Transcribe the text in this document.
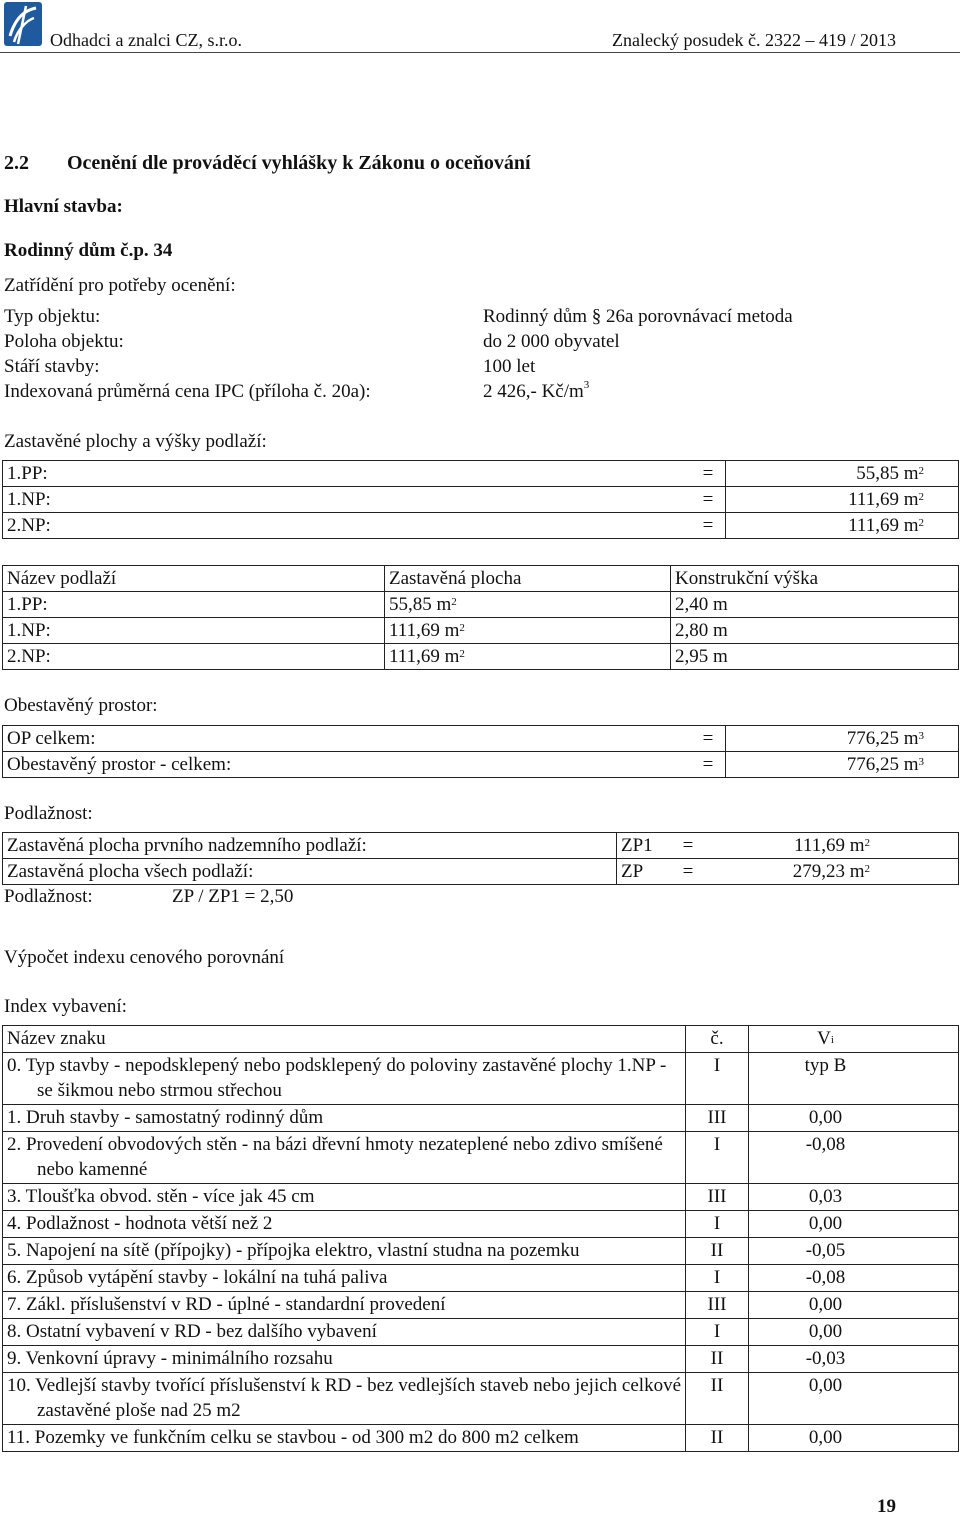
Odhadci a znalci CZ, s.r.o.	Znalecký posudek č. 2322 – 419 / 2013
2.2 Ocenění dle prováděcí vyhlášky k Zákonu o oceňování
Hlavní stavba:
Rodinný dům č.p. 34
Zatřídění pro potřeby ocenění:
Typ objektu:	Rodinný dům § 26a porovnávací metoda
Poloha objektu:	do 2 000 obyvatel
Stáří stavby:	100 let
Indexovaná průměrná cena IPC (příloha č. 20a):	2 426,- $Kč/m^3$
Zastavěné plochy a výšky podlaží:
1.PP:	=	55,85 $m^2$
1.NP:	=	111,69 $m^2$
2.NP:	=	111,69 $m^2$
Název podlaží	Zastavěná plocha	Konstrukční výška
1.PP:	55,85 $m^2$	2,40 m
1.NP:	111,69 $m^2$	2,80 m
2.NP:	111,69 $m^2$	2,95 m
Obestavěný prostor:
OP celkem:	=	776,25 $m^3$
Obestavěný prostor - celkem:	=	776,25 $m^3$
Podlažnost:
Zastavěná plocha prvního nadzemního podlaží:	ZP1	=	111,69 $m^2$
Zastavěná plocha všech podlaží:	ZP	=	279,23 $m^2$
Podlažnost:	ZP / ZP1 = 2,50
Výpočet indexu cenového porovnání
Index vybavení:
Název znaku	č.	$V_i$

0. Typ stavby - nepodsklepený nebo podsklepený do poloviny zastavěné plochy 1.NP - se šikmou nebo strmou střechou	I	typ B

1. Druh stavby - samostatný rodinný dům	III	0,00

2. Provedení obvodových stěn - na bázi dřevní hmoty nezateplené nebo zdivo smíšené nebo kamenné	I	-0,08

3. Tloušťka obvod. stěn - více jak 45 cm	III	0,03

4. Podlažnost - hodnota větší než 2	I	0,00

5. Napojení na sítě (přípojky) - přípojka elektro, vlastní studna na pozemku	II	-0,05

6. Způsob vytápění stavby - lokální na tuhá paliva	I	-0,08

7. Zákl. příslušenství v RD - úplné - standardní provedení	III	0,00

8. Ostatní vybavení v RD - bez dalšího vybavení	I	0,00

9. Venkovní úpravy - minimálního rozsahu	II	-0,03

10. Vedlejší stavby tvořící příslušenství k RD - bez vedlejších staveb nebo jejich celkové zastavěné ploše nad 25 m2	II	0,00

11. Pozemky ve funkčním celku se stavbou - od 300 m2 do 800 m2 celkem	II	0,00
19
